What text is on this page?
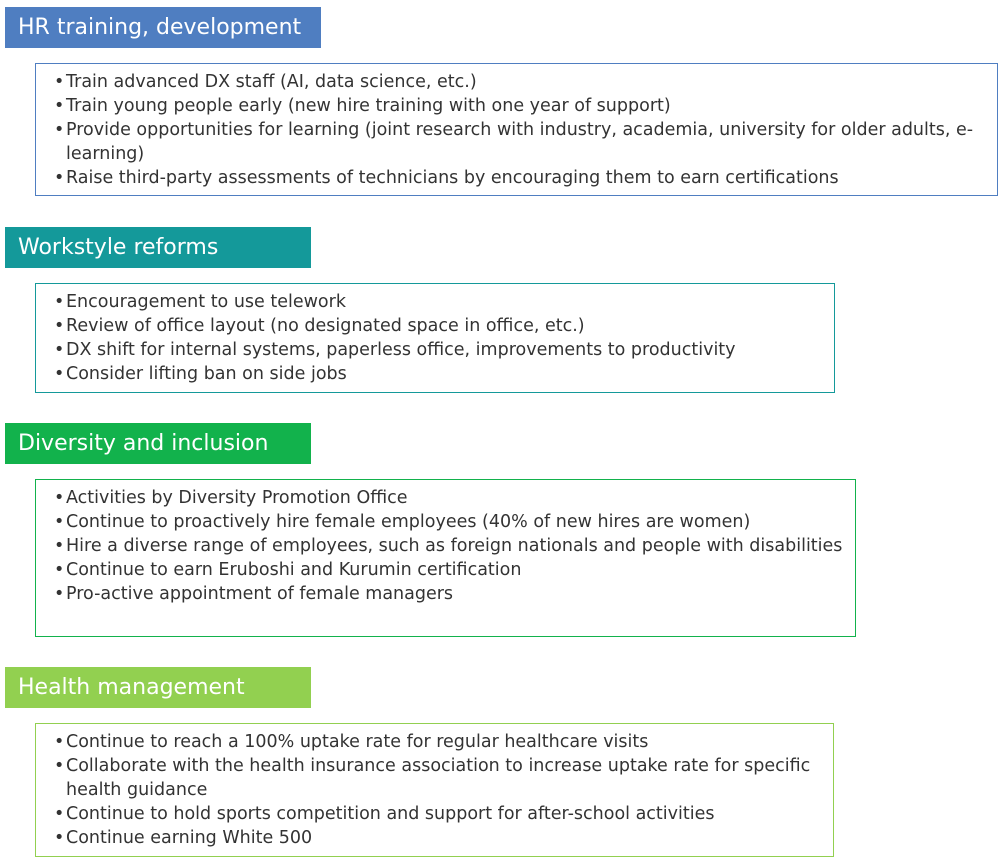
HR training, development
• Train advanced DX staff (AI, data science, etc.)
• Train young people early (new hire training with one year of support)
• Provide opportunities for learning (joint research with industry, academia, university for older adults, e-learning)
• Raise third-party assessments of technicians by encouraging them to earn certifications
Workstyle reforms
• Encouragement to use telework
• Review of office layout (no designated space in office, etc.)
• DX shift for internal systems, paperless office, improvements to productivity
• Consider lifting ban on side jobs
Diversity and inclusion
• Activities by Diversity Promotion Office
• Continue to proactively hire female employees (40% of new hires are women)
• Hire a diverse range of employees, such as foreign nationals and people with disabilities
• Continue to earn Eruboshi and Kurumin certification
• Pro-active appointment of female managers
Health management
• Continue to reach a 100% uptake rate for regular healthcare visits
• Collaborate with the health insurance association to increase uptake rate for specific health guidance
• Continue to hold sports competition and support for after-school activities
• Continue earning White 500
